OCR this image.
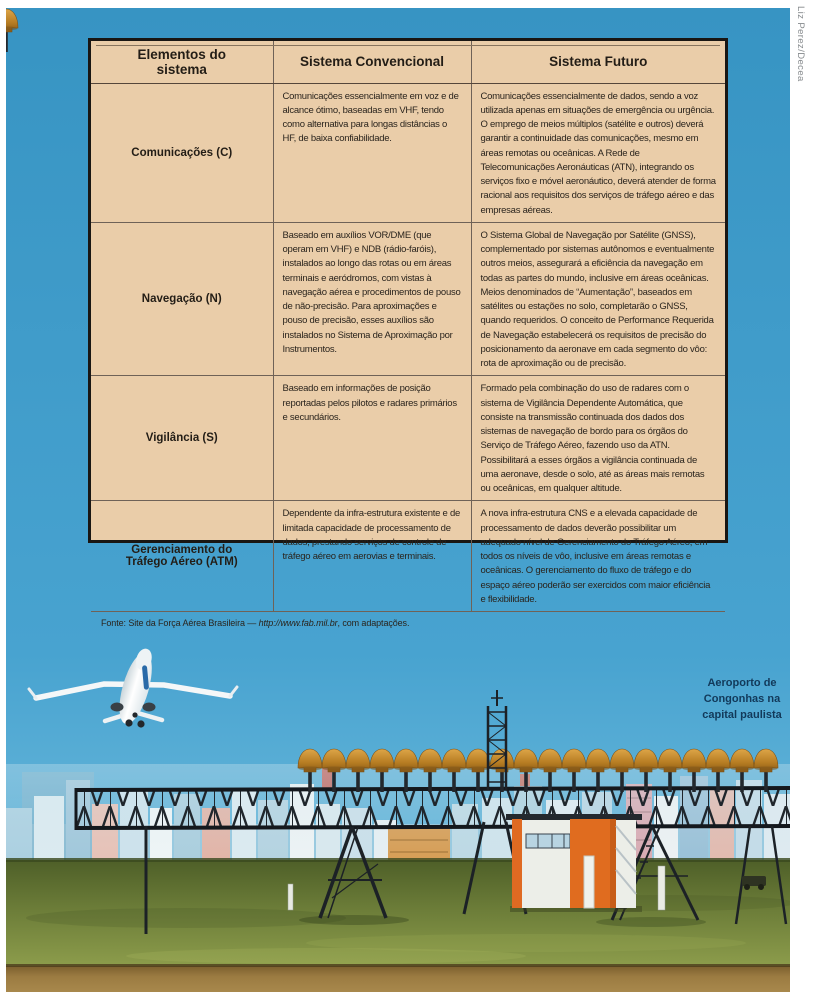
Aeroporto de Congonhas na capital paulista
Liz Perez/Decea
Elementos do sistema	Sistema Convencional	Sistema Futuro
Comunicações (C)	Comunicações essencialmente em voz e de alcance ótimo, baseadas em VHF, tendo como alternativa para longas distâncias o HF, de baixa confiabilidade.	Comunicações essencialmente de dados, sendo a voz utilizada apenas em situações de emergência ou urgência. O emprego de meios múltiplos (satélite e outros) deverá garantir a continuidade das comunicações, mesmo em áreas remotas ou oceânicas. A Rede de Telecomunicações Aeronáuticas (ATN), integrando os serviços fixo e móvel aeronáutico, deverá atender de forma racional aos requisitos dos serviços de tráfego aéreo e das empresas aéreas.
Navegação (N)	Baseado em auxílios VOR/DME (que operam em VHF) e NDB (rádio-faróis), instalados ao longo das rotas ou em áreas terminais e aeródromos, com vistas à navegação aérea e procedimentos de pouso de não-precisão. Para aproximações e pouso de precisão, esses auxílios são instalados no Sistema de Aproximação por Instrumentos.	O Sistema Global de Navegação por Satélite (GNSS), complementado por sistemas autônomos e eventualmente outros meios, assegurará a eficiência da navegação em todas as partes do mundo, inclusive em áreas oceânicas. Meios denominados de “Aumentação”, baseados em satélites ou estações no solo, completarão o GNSS, quando requeridos. O conceito de Performance Requerida de Navegação estabelecerá os requisitos de precisão do posicionamento da aeronave em cada segmento do vôo: rota de aproximação ou de precisão.
Vigilância (S)	Baseado em informações de posição reportadas pelos pilotos e radares primários e secundários.	Formado pela combinação do uso de radares com o sistema de Vigilância Dependente Automática, que consiste na transmissão continuada dos dados dos sistemas de navegação de bordo para os órgãos do Serviço de Tráfego Aéreo, fazendo uso da ATN. Possibilitará a esses órgãos a vigilância continuada de uma aeronave, desde o solo, até as áreas mais remotas ou oceânicas, em qualquer altitude.
Gerenciamento do Tráfego Aéreo (ATM)	Dependente da infra-estrutura existente e de limitada capacidade de processamento de dados, prestando serviços de controle de tráfego aéreo em aerovias e terminais.	A nova infra-estrutura CNS e a elevada capacidade de processamento de dados deverão possibilitar um adequado nível de Gerenciamento do Tráfego Aéreo, em todos os níveis de vôo, inclusive em áreas remotas e oceânicas. O gerenciamento do fluxo de tráfego e do espaço aéreo poderão ser exercidos com maior eficiência e flexibilidade.
Fonte: Site da Força Aérea Brasileira — http://www.fab.mil.br, com adaptações.
